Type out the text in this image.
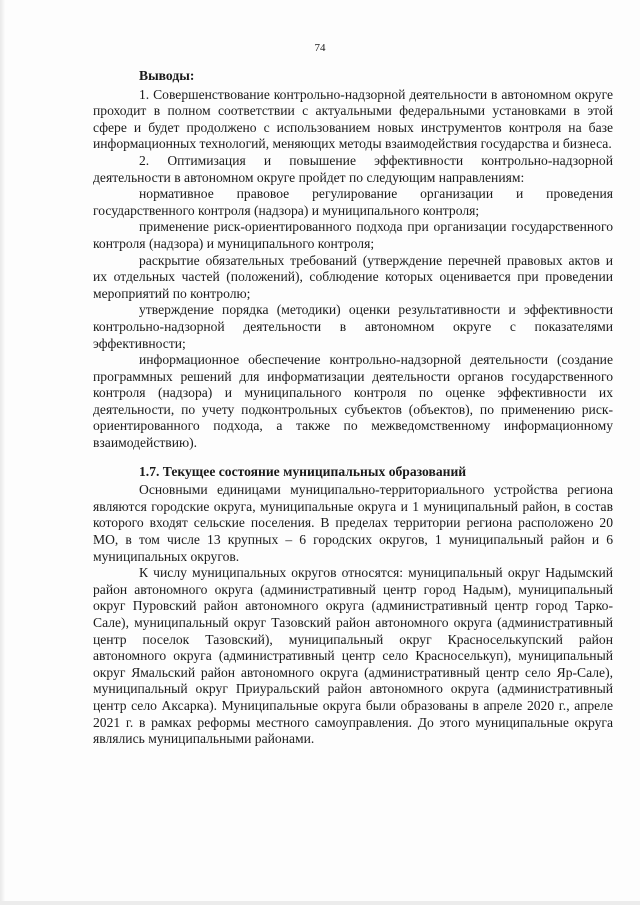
74
Выводы:

1. Совершенствование контрольно-надзорной деятельности в автономном округе проходит в полном соответствии с актуальными федеральными установками в этой сфере и будет продолжено с использованием новых инструментов контроля на базе информационных технологий, меняющих методы взаимодействия государства и бизнеса.

2. Оптимизация и повышение эффективности контрольно-надзорной деятельности в автономном округе пройдет по следующим направлениям:

нормативное правовое регулирование организации и проведения государственного контроля (надзора) и муниципального контроля;

применение риск-ориентированного подхода при организации государственного контроля (надзора) и муниципального контроля;

раскрытие обязательных требований (утверждение перечней правовых актов и их отдельных частей (положений), соблюдение которых оценивается при проведении мероприятий по контролю;

утверждение порядка (методики) оценки результативности и эффективности контрольно-надзорной деятельности в автономном округе с показателями эффективности;

информационное обеспечение контрольно-надзорной деятельности (создание программных решений для информатизации деятельности органов государственного контроля (надзора) и муниципального контроля по оценке эффективности их деятельности, по учету подконтрольных субъектов (объектов), по применению риск-ориентированного подхода, а также по межведомственному информационному взаимодействию).

1.7. Текущее состояние муниципальных образований

Основными единицами муниципально-территориального устройства региона являются городские округа, муниципальные округа и 1 муниципальный район, в состав которого входят сельские поселения. В пределах территории региона расположено 20 МО, в том числе 13 крупных – 6 городских округов, 1 муниципальный район и 6 муниципальных округов.

К числу муниципальных округов относятся: муниципальный округ Надымский район автономного округа (административный центр город Надым), муниципальный округ Пуровский район автономного округа (административный центр город Тарко-Сале), муниципальный округ Тазовский район автономного округа (административный центр поселок Тазовский), муниципальный округ Красноселькупский район автономного округа (административный центр село Красноселькуп), муниципальный округ Ямальский район автономного округа (административный центр село Яр-Сале), муниципальный округ Приуральский район автономного округа (административный центр село Аксарка). Муниципальные округа были образованы в апреле 2020 г., апреле 2021 г. в рамках реформы местного самоуправления. До этого муниципальные округа являлись муниципальными районами.
